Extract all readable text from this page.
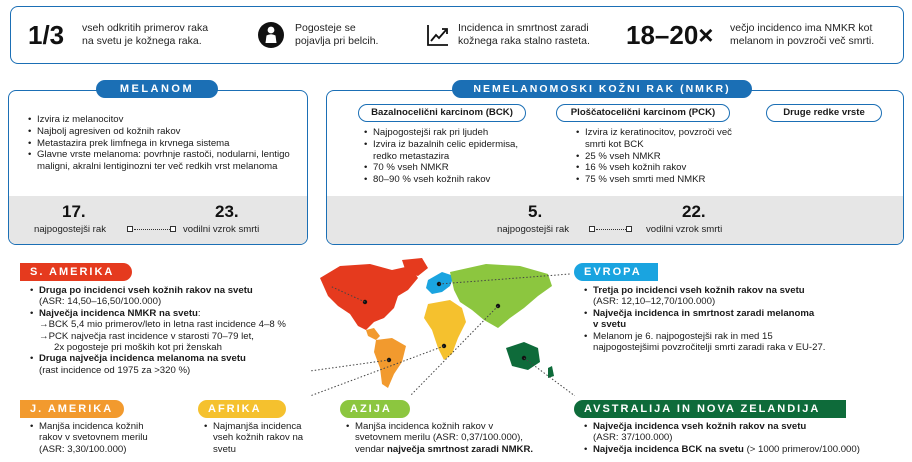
1/3 vseh odkritih primerov raka
na svetu je kožnega raka.
Pogosteje se
pojavlja pri belcih.
Incidenca in smrtnost zaradi
kožnega raka stalno rasteta. 18–20× večjo incidenco ima NMKR kot
melanom in povzroči več smrti.
MELANOM
• Izvira iz melanocitov
• Najbolj agresiven od kožnih rakov
• Metastazira prek limfnega in krvnega sistema
• Glavne vrste melanoma: povrhnje rastoči, nodularni, lentigo maligni, akralni lentiginozni ter več redkih vrst melanoma
17.
najpogostejši rak
23.
vodilni vzrok smrti
NEMELANOMOSKI KOŽNI RAK (NMKR)
Bazalnocelični karcinom (BCK)
• Najpogostejši rak pri ljudeh
• Izvira iz bazalnih celic epidermisa, redko metastazira
• 70 % vseh NMKR
• 80–90 % vseh kožnih rakov
Ploščatocelični karcinom (PCK)
• Izvira iz keratinocitov, povzroči več smrti kot BCK
• 25 % vseh NMKR
• 16 % vseh kožnih rakov
• 75 % vseh smrti med NMKR
Druge redke vrste
5.
najpogostejši rak
22.
vodilni vzrok smrti
S. AMERIKA
• Druga po incidenci vseh kožnih rakov na svetu
(ASR: 14,50–16,50/100.000)
• Največja incidenca NMKR na svetu:
→BCK 5,4 mio primerov/leto in letna rast incidence 4–8 %
→PCK največja rast incidence v starosti 70–79 let,
2x pogosteje pri moških kot pri ženskah
• Druga največja incidenca melanoma na svetu
(rast incidence od 1975 za >320 %)
EVROPA
• Tretja po incidenci vseh kožnih rakov na svetu
(ASR: 12,10–12,70/100.000)
• Največja incidenca in smrtnost zaradi melanoma
v svetu
• Melanom je 6. najpogostejši rak in med 15
najpogostejšimi povzročitelji smrti zaradi raka v EU-27.
J. AMERIKA
• Manjša incidenca kožnih
rakov v svetovnem merilu
(ASR: 3,30/100.000)
AFRIKA
• Najmanjša incidenca
vseh kožnih rakov na
svetu
AZIJA
• Manjša incidenca kožnih rakov v
svetovnem merilu (ASR: 0,37/100.000),
vendar največja smrtnost zaradi NMKR.
AVSTRALIJA IN NOVA ZELANDIJA
• Največja incidenca vseh kožnih rakov na svetu
(ASR: 37/100.000)
• Največja incidenca BCK na svetu (> 1000 primerov/100.000)
